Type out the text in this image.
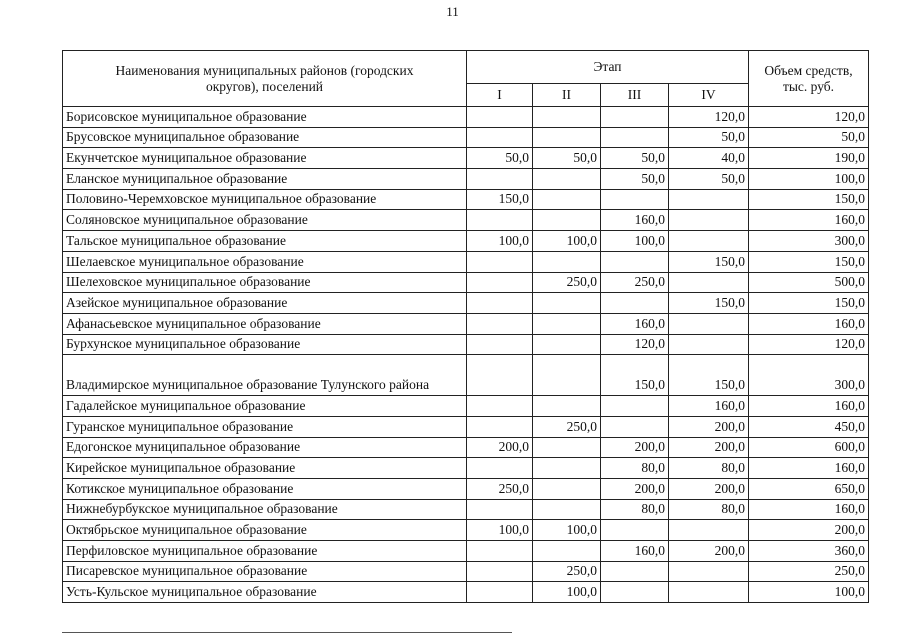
11
Наименования муниципальных районов (городских округов), поселений	Этап				Объем средств, тыс. руб.
	I	II	III	IV	
Борисовское муниципальное образование				120,0	120,0
Брусовское муниципальное образование				50,0	50,0
Екунчетское муниципальное образование	50,0	50,0	50,0	40,0	190,0
Еланское муниципальное образование			50,0	50,0	100,0
Половино-Черемховское муниципальное образование	150,0				150,0
Соляновское муниципальное образование			160,0		160,0
Тальское муниципальное образование	100,0	100,0	100,0		300,0
Шелаевское муниципальное образование				150,0	150,0
Шелеховское муниципальное образование		250,0	250,0		500,0
Азейское муниципальное образование				150,0	150,0
Афанасьевское муниципальное образование			160,0		160,0
Бурхунское муниципальное образование			120,0		120,0
Владимирское муниципальное образование Тулунского района			150,0	150,0	300,0
Гадалейское муниципальное образование				160,0	160,0
Гуранское муниципальное образование		250,0		200,0	450,0
Едогонское муниципальное образование	200,0		200,0	200,0	600,0
Кирейское муниципальное образование			80,0	80,0	160,0
Котикское муниципальное образование	250,0		200,0	200,0	650,0
Нижнебурбукское муниципальное образование			80,0	80,0	160,0
Октябрьское муниципальное образование	100,0	100,0			200,0
Перфиловское муниципальное образование			160,0	200,0	360,0
Писаревское муниципальное образование		250,0			250,0
Усть-Кульское муниципальное образование		100,0			100,0
